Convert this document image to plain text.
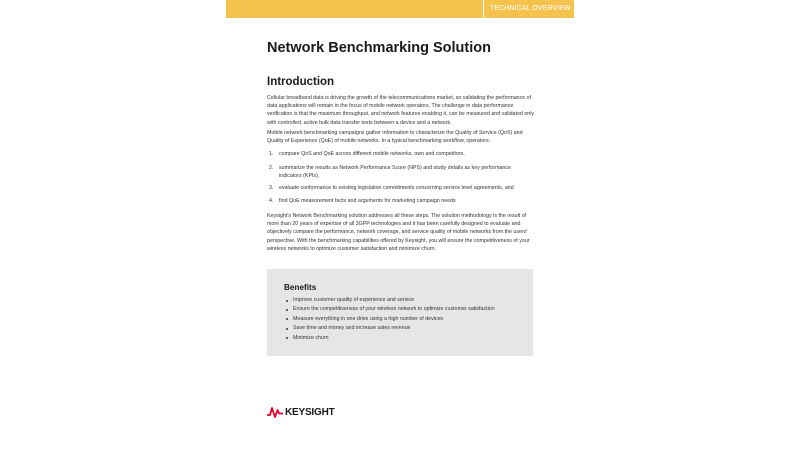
TECHNICAL OVERVIEW
Network Benchmarking Solution
Introduction

Cellular broadband data is driving the growth of the telecommunications market, so validating the performance of data applications will remain in the focus of mobile network operators. The challenge in data performance verification is that the maximum throughput, and network features enabling it, can be measured and validated only with controlled, active bulk data transfer tests between a device and a network.

Mobile network benchmarking campaigns gather information to characterize the Quality of Service (QoS) and Quality of Experience (QoE) of mobile networks. In a typical benchmarking workflow, operators:

1. compare QoS and QoE across different mobile networks, own and competitors,
2. summarize the results as Network Performance Score (NPS) and study details as key performance indicators (KPIs),
3. evaluate conformance to existing legislation commitments concerning service level agreements, and
4. find QoE measurement facts and arguments for marketing campaign needs

Keysight's Network Benchmarking solution addresses all these steps. The solution methodology is the result of more than 20 years of expertise of all 3GPP technologies and it has been carefully designed to evaluate and objectively compare the performance, network coverage, and service quality of mobile networks from the users' perspective. With the benchmarking capabilities offered by Keysight, you will ensure the competitiveness of your wireless networks to optimize customer satisfaction and minimize churn.

Benefits
Improve customer quality of experience and service
Ensure the competitiveness of your wireless network to optimize customer satisfaction
Measure everything in one drive using a high number of devices
Save time and money and increase sales revenue
Minimize churn
KEYSIGHT
